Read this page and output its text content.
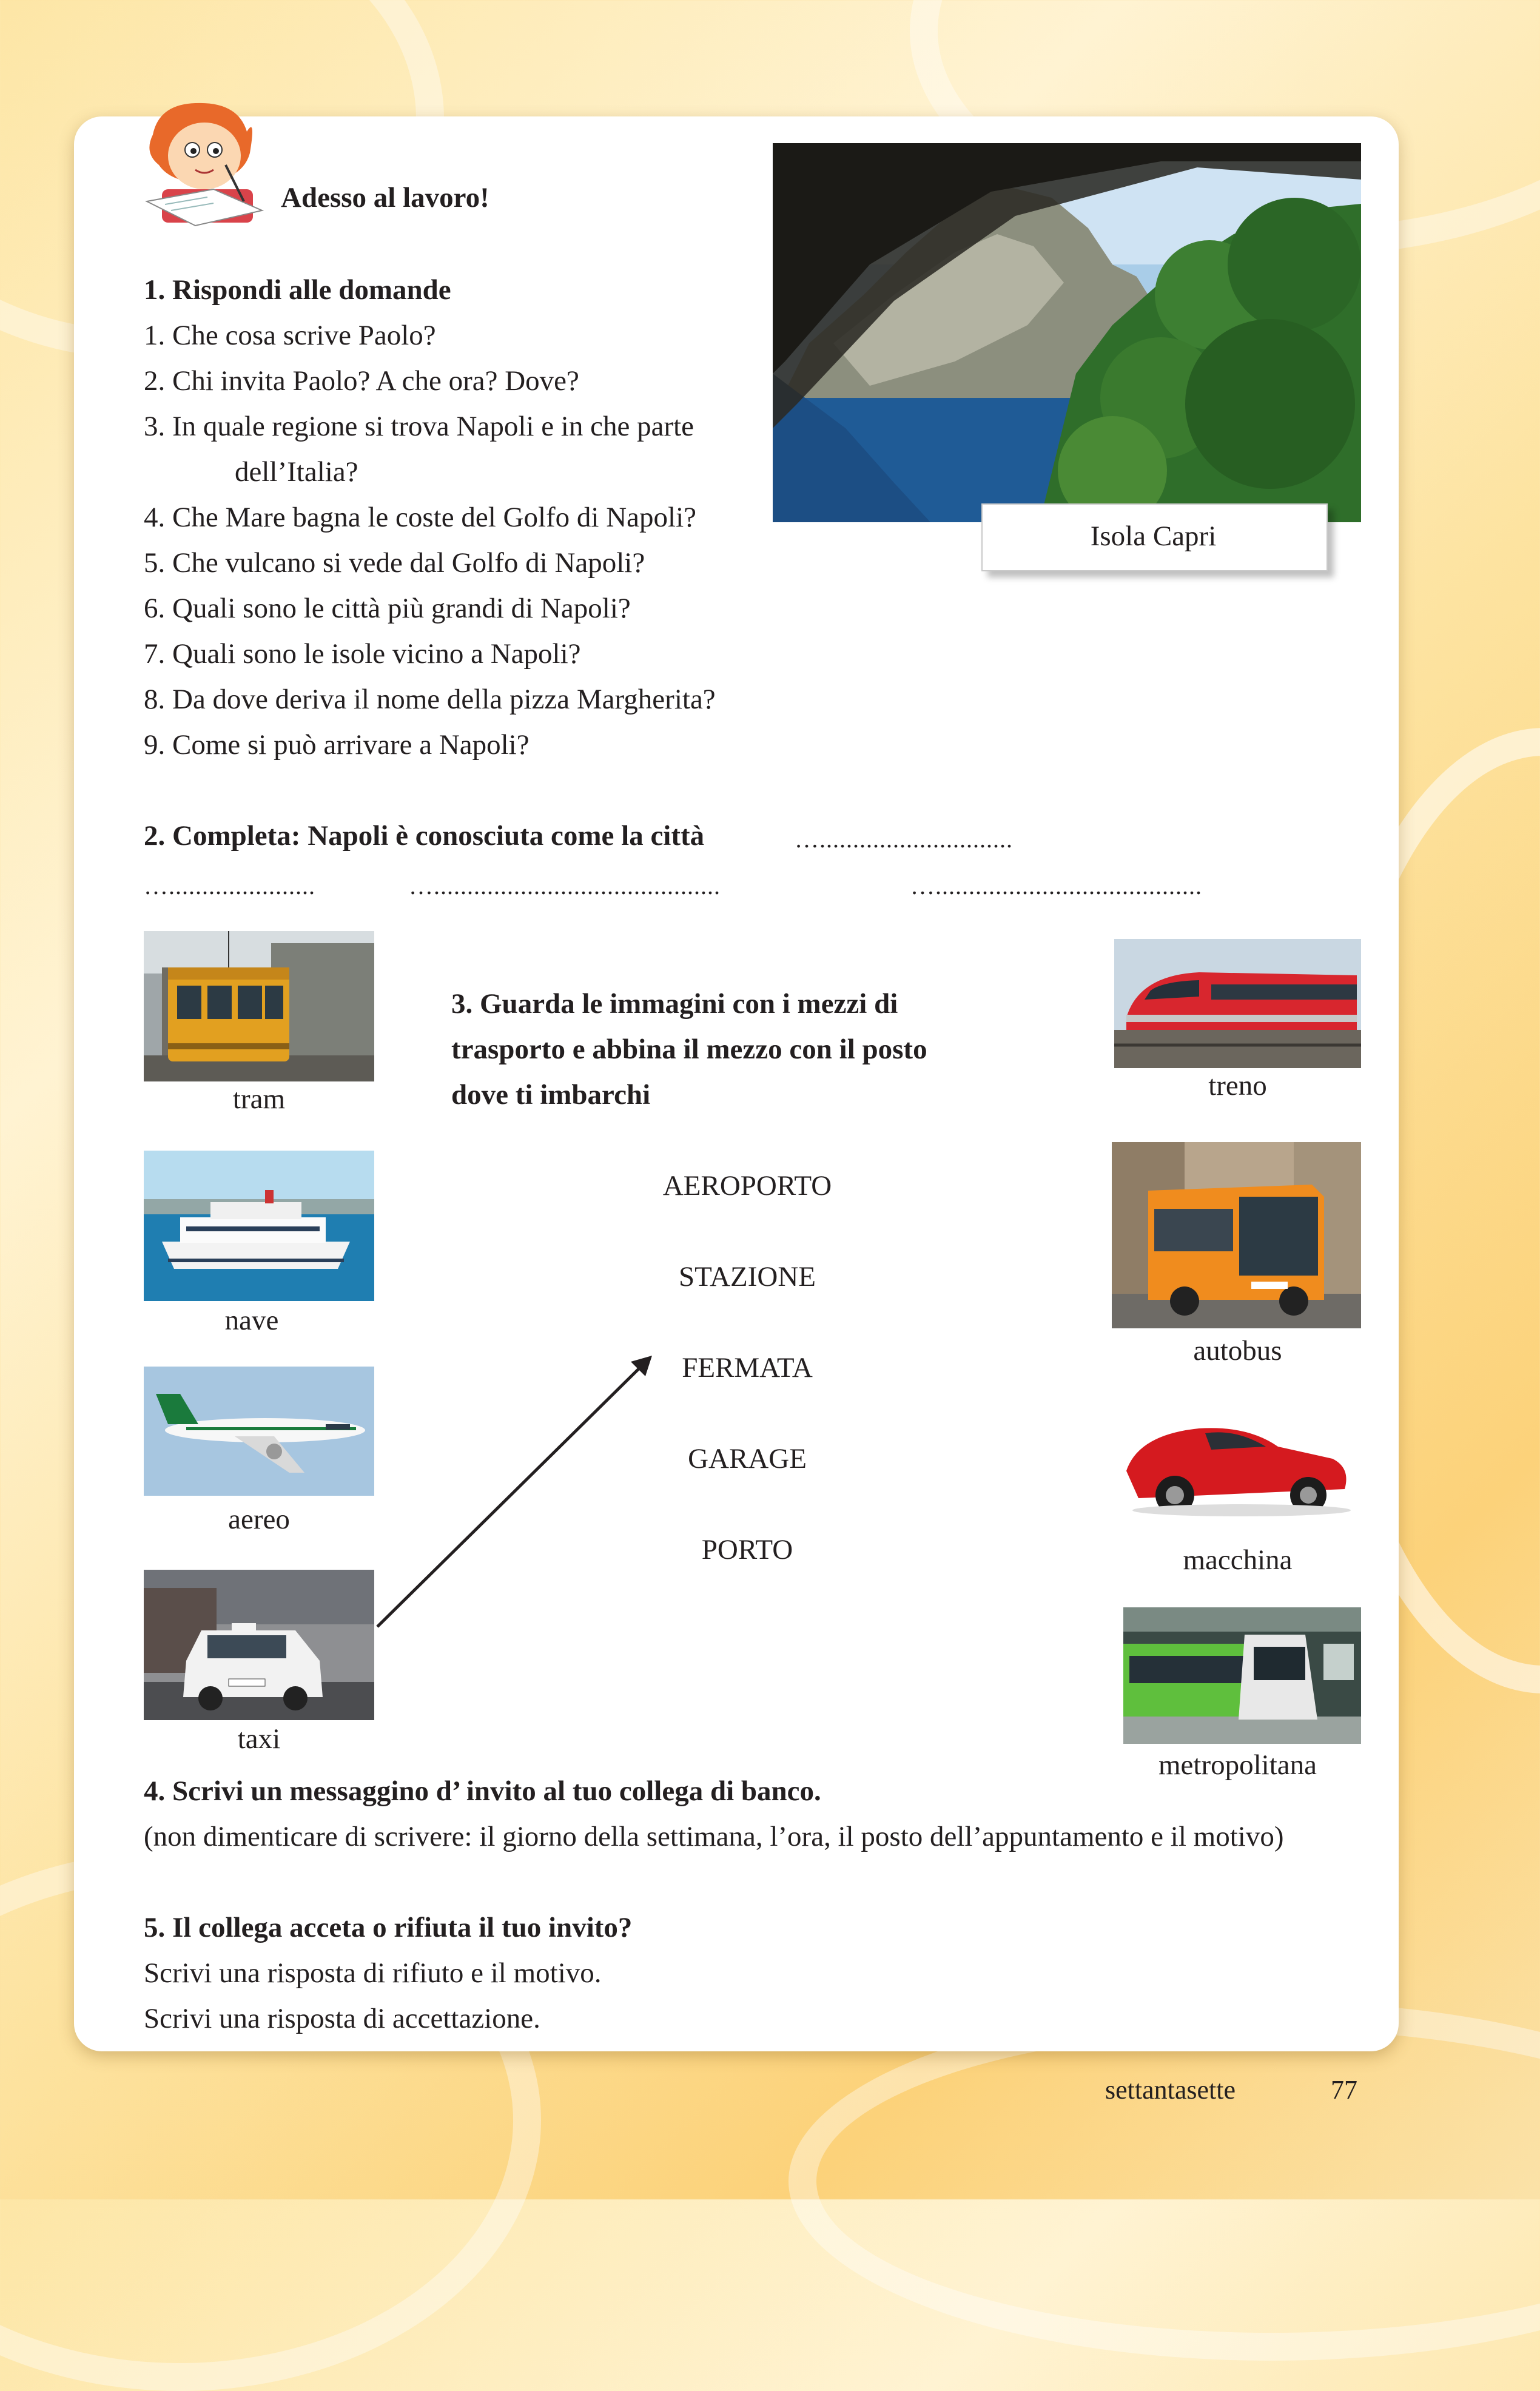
Adesso al lavoro!
1. Rispondi alle domande
1. Che cosa scrive Paolo?
2. Chi invita Paolo? A che ora? Dove?
3. In quale regione si trova Napoli e in che parte
dell’Italia?
4. Che Mare bagna le coste del Golfo di Napoli?
5. Che vulcano si vede dal Golfo di Napoli?
6. Quali sono le città più grandi di Napoli?
7. Quali sono le isole vicino a Napoli?
8. Da dove deriva il nome della pizza Margherita?
9. Come si può arrivare a Napoli?
Isola Capri
2. Completa: Napoli è conosciuta come la città	….............................
…......................	…...........................................	…........................................
3. Guarda le immagini con i mezzi di
trasporto e abbina il mezzo con il posto
dove ti imbarchi
tram
nave
aereo
taxi
AEROPORTO
STAZIONE
FERMATA
GARAGE
PORTO
treno
autobus
macchina
metropolitana
4. Scrivi un messaggino d’ invito al tuo collega di banco.
(non dimenticare di scrivere: il giorno della settimana, l’ora, il posto dell’appuntamento e il motivo)
5. Il collega acceta o rifiuta il tuo invito?
Scrivi una risposta di rifiuto e il motivo.
Scrivi una risposta di accettazione.
settantasette	77
